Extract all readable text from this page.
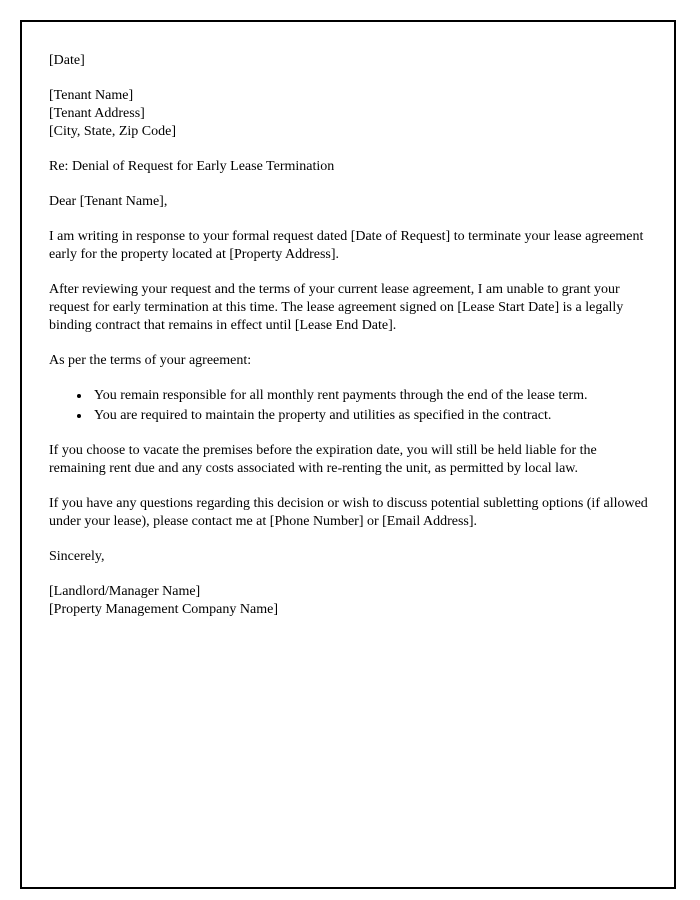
[Date]

[Tenant Name]

[Tenant Address]

[City, State, Zip Code]

Re: Denial of Request for Early Lease Termination

Dear [Tenant Name],

I am writing in response to your formal request dated [Date of Request] to terminate your lease agreement early for the property located at [Property Address].

After reviewing your request and the terms of your current lease agreement, I am unable to grant your request for early termination at this time. The lease agreement signed on [Lease Start Date] is a legally binding contract that remains in effect until [Lease End Date].

As per the terms of your agreement:

• You remain responsible for all monthly rent payments through the end of the lease term.
• You are required to maintain the property and utilities as specified in the contract.

If you choose to vacate the premises before the expiration date, you will still be held liable for the remaining rent due and any costs associated with re-renting the unit, as permitted by local law.

If you have any questions regarding this decision or wish to discuss potential subletting options (if allowed under your lease), please contact me at [Phone Number] or [Email Address].

Sincerely,

[Landlord/Manager Name]

[Property Management Company Name]
